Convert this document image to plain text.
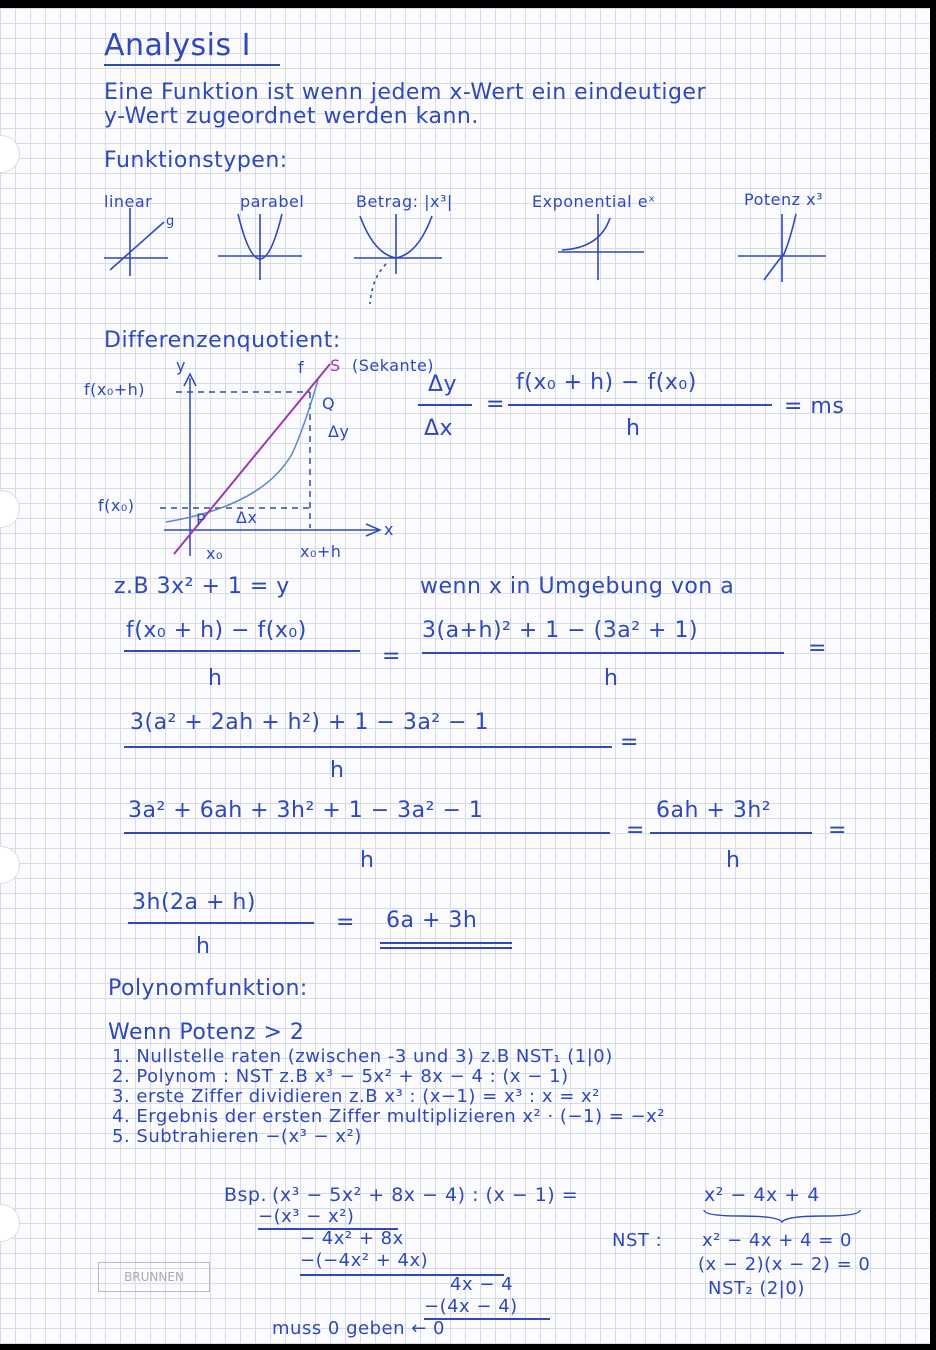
Analysis I
Eine Funktion ist wenn jedem x-Wert ein eindeutiger
y-Wert zugeordnet werden kann.
Funktionstypen:
linear	parabel	Betrag: |x³|	Exponential eˣ	Potenz x³
g
Differenzenquotient:
f(x₀+h)
f(x₀)
y
x
f S (Sekante)
Q
P
Δy
Δx
x₀	x₀+h
Δy
Δx
=
f(x₀ + h) − f(x₀)
h
= ms
z.B 3x² + 1 = y	wenn x in Umgebung von a
f(x₀ + h) − f(x₀)
h
=
3(a+h)² + 1 − (3a² + 1)
h
=
3(a² + 2ah + h²) + 1 − 3a² − 1
h
=
3a² + 6ah + 3h² + 1 − 3a² − 1
h
=
6ah + 3h²
h
=
3h(2a + h)
h
= 6a + 3h
Polynomfunktion:
Wenn Potenz > 2
1. Nullstelle raten (zwischen -3 und 3) z.B NST₁ (1|0)
2. Polynom : NST z.B x³ − 5x² + 8x − 4 : (x − 1)
3. erste Ziffer dividieren z.B x³ : (x−1) = x³ : x = x²
4. Ergebnis der ersten Ziffer multiplizieren x² · (−1) = −x²
5. Subtrahieren −(x³ − x²)
Bsp. (x³ − 5x² + 8x − 4) : (x − 1) =	x² − 4x + 4
−(x³ − x²)
− 4x² + 8x
−(−4x² + 4x)
4x − 4
−(4x − 4)
muss 0 geben ← 0
NST : x² − 4x + 4 = 0
(x − 2)(x − 2) = 0
NST₂ (2|0)
BRUNNEN
